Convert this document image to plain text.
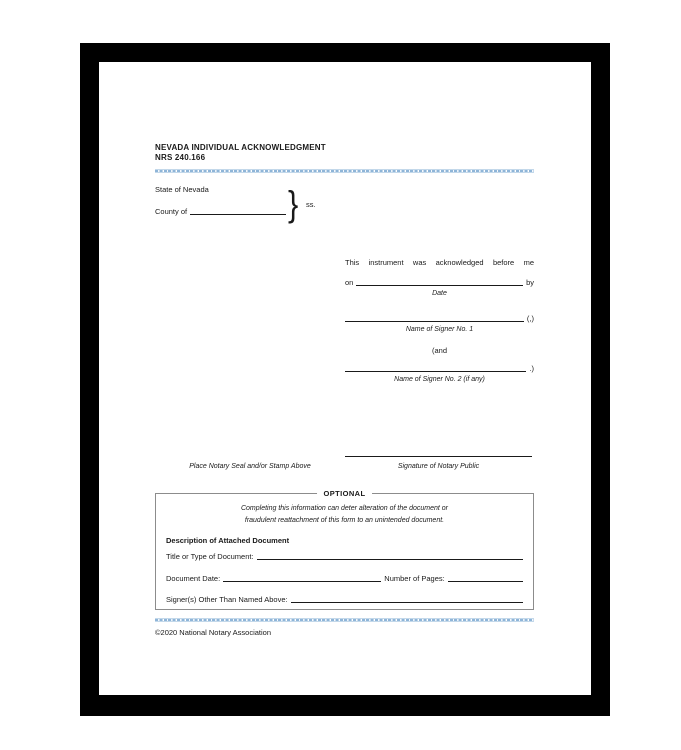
NEVADA INDIVIDUAL ACKNOWLEDGMENT
NRS 240.166
State of Nevada
County of	} ss.
This instrument was acknowledged before me
on	by
Date
(,)
Name of Signer No. 1
(and
.)
Name of Signer No. 2 (if any)
Place Notary Seal and/or Stamp Above	Signature of Notary Public
OPTIONAL
Completing this information can deter alteration of the document or
fraudulent reattachment of this form to an unintended document.
Description of Attached Document
Title or Type of Document:
Document Date:	Number of Pages:
Signer(s) Other Than Named Above:
©2020 National Notary Association
